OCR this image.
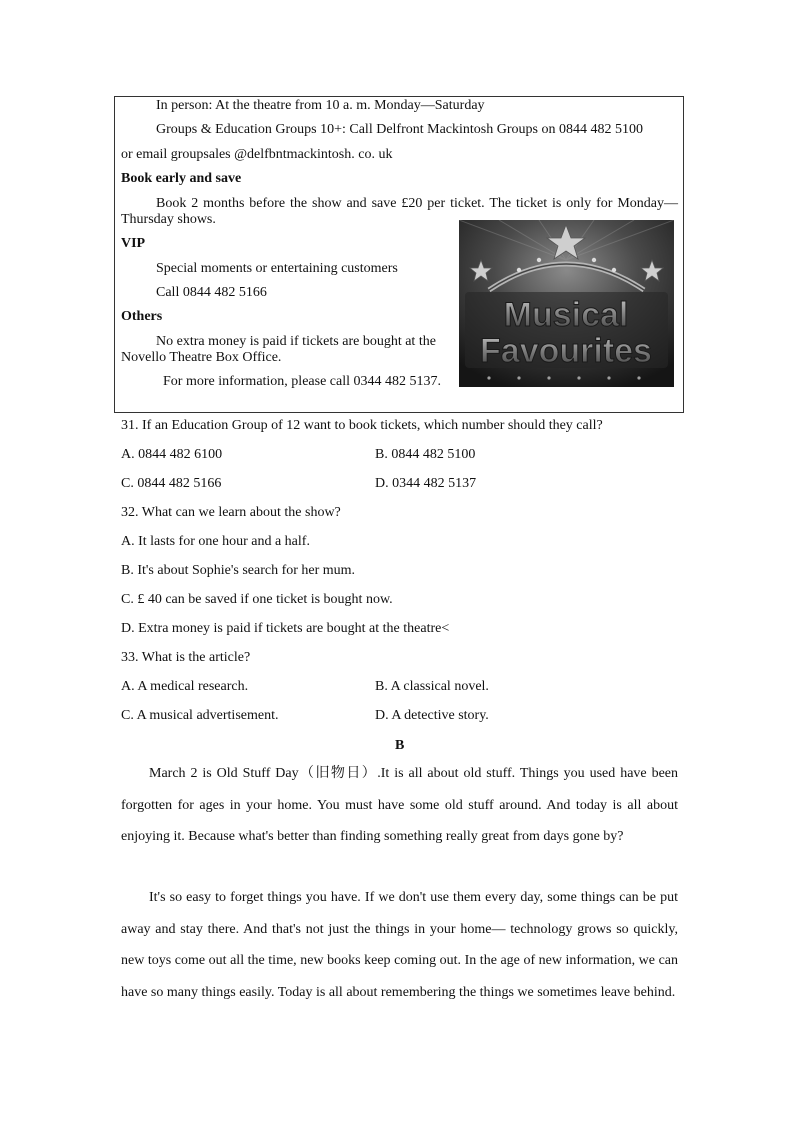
In person: At the theatre from 10 a. m. Monday—Saturday
Groups & Education Groups 10+: Call Delfront Mackintosh Groups on 0844 482 5100
or email groupsales @delfbntmackintosh. co. uk
Book early and save
Book 2 months before the show and save £20 per ticket. The ticket is only for Monday—
Thursday shows.
VIP
Special moments or entertaining customers
Call 0844 482 5166
Others
No extra money is paid if tickets are bought at the
Novello Theatre Box Office.
For more information, please call 0344 482 5137.
Musical
Favourites
31. If an Education Group of 12 want to book tickets, which number should they call?
A. 0844 482 6100	B. 0844 482 5100
C. 0844 482 5166	D. 0344 482 5137
32. What can we learn about the show?
A. It lasts for one hour and a half.
B. It's about Sophie's search for her mum.
C. £ 40 can be saved if one ticket is bought now.
D. Extra money is paid if tickets are bought at the theatre<
33. What is the article?
A. A medical research.	B. A classical novel.
C. A musical advertisement.	D. A detective story.
B
March 2 is Old Stuff Day（旧物日）.It is all about old stuff. Things you used have been forgotten for ages in your home. You must have some old stuff around. And today is all about enjoying it. Because what's better than finding something really great from days gone by?
It's so easy to forget things you have. If we don't use them every day, some things can be put away and stay there. And that's not just the things in your home— technology grows so quickly, new toys come out all the time, new books keep coming out. In the age of new information, we can have so many things easily. Today is all about remembering the things we sometimes leave behind.
